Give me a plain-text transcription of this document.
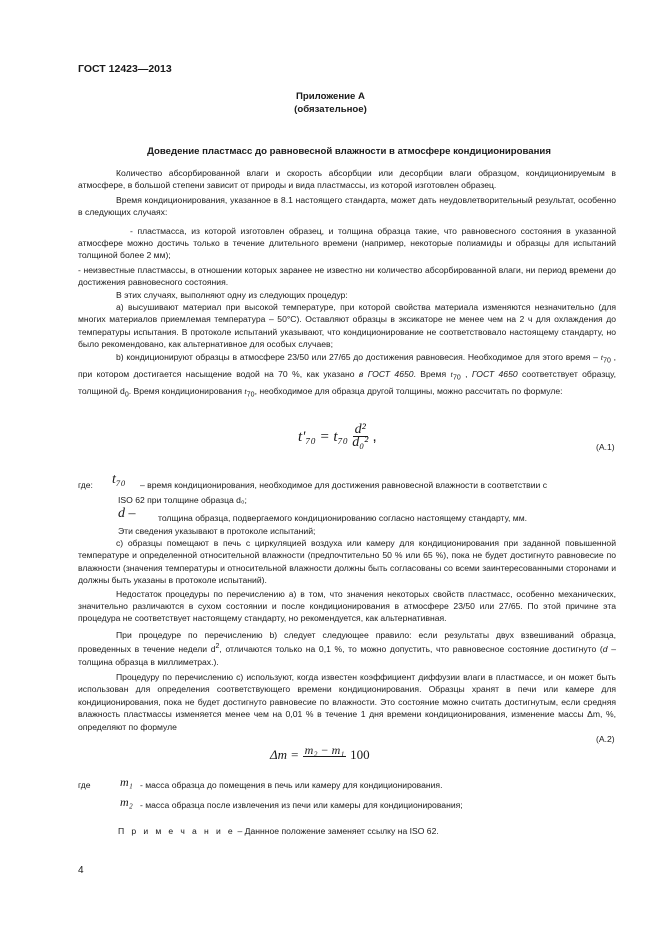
ГОСТ 12423—2013
Приложение А
(обязательное)
Доведение пластмасс до равновесной влажности в атмосфере кондиционирования

Количество абсорбированной влаги и скорость абсорбции или десорбции влаги образцом, кондиционируемым в атмосфере, в большой степени зависит от природы и вида пластмассы, из которой изготовлен образец.

Время кондиционирования, указанное в 8.1 настоящего стандарта, может дать неудовлетворительный результат, особенно в следующих случаях:

- пластмасса, из которой изготовлен образец, и толщина образца такие, что равновесного состояния в указанной атмосфере можно достичь только в течение длительного времени (например, некоторые полиамиды и образцы для испытаний толщиной более 2 мм);

- неизвестные пластмассы, в отношении которых заранее не известно ни количество абсорбированной влаги, ни период времени до достижения равновесного состояния.

В этих случаях, выполняют одну из следующих процедур:

а) высушивают материал при высокой температуре, при которой свойства материала изменяются незначительно (для многих материалов приемлемая температура – 50°С). Оставляют образцы в эксикаторе не менее чем на 2 ч для охлаждения до температуры испытания. В протоколе испытаний указывают, что кондиционирование не соответствовало настоящему стандарту, но было рекомендовано, как альтернативное для особых случаев;

b) кондиционируют образцы в атмосфере 23/50 или 27/65 до достижения равновесия. Необходимое для этого время – $t_{70}$ , при котором достигается насыщение водой на 70 %, как указано в ГОСТ 4650. Время $t_{70}$ , ГОСТ 4650 соответствует образцу, толщиной $d_0$. Время кондиционирования $t_{70}$, необходимое для образца другой толщины, можно рассчитать по формуле:

$t'_{70} = t_{70} \frac{\text{d²}}{\text{d₀²}}$ ,
(А.1)
где: t₇₀ – время кондиционирования, необходимое для достижения равновесной влажности в соответствии с
ISO 62 при толщине образца d₀;
d –	толщина образца, подвергаемого кондиционированию согласно настоящему стандарту, мм.
Эти сведения указывают в протоколе испытаний;

с) образцы помещают в печь с циркуляцией воздуха или камеру для кондиционирования при заданной повышенной температуре и определенной относительной влажности (предпочтительно 50 % или 65 %), пока не будет достигнуто равновесие по влажности (значения температуры и относительной влажности должны быть согласованы со всеми заинтересованными сторонами и должны быть указаны в протоколе испытаний).

Недостаток процедуры по перечислению а) в том, что значения некоторых свойств пластмасс, особенно механических, значительно различаются в сухом состоянии и после кондиционирования в атмосфере 23/50 или 27/65. По этой причине эта процедура не соответствует настоящему стандарту, но рекомендуется, как альтернативная.

При процедуре по перечислению b) следует следующее правило: если результаты двух взвешиваний образца, проведенных в течение недели $d^2$, отличаются только на 0,1 %, то можно допустить, что равновесное состояние достигнуто (d – толщина образца в миллиметрах.).

Процедуру по перечислению с) используют, когда известен коэффициент диффузии влаги в пластмассе, и он может быть использован для определения соответствующего времени кондиционирования. Образцы хранят в печи или камере для кондиционирования, пока не будет достигнуто равновесие по влажности. Это состояние можно считать достигнутым, если средняя влажность пластмассы изменяется менее чем на 0,01 % в течение 1 дня времени кондиционирования, изменение массы Δm, %, определяют по формуле

(А.2)
Δm = m₂ − m₁ 100
где m₁ - масса образца до помещения в печь или камеру для кондиционирования.
m₂ - масса образца после извлечения из печи или камеры для кондиционирования;
П р и м е ч а н и е – Даннное положение заменяет ссылку на ISO 62.
4
